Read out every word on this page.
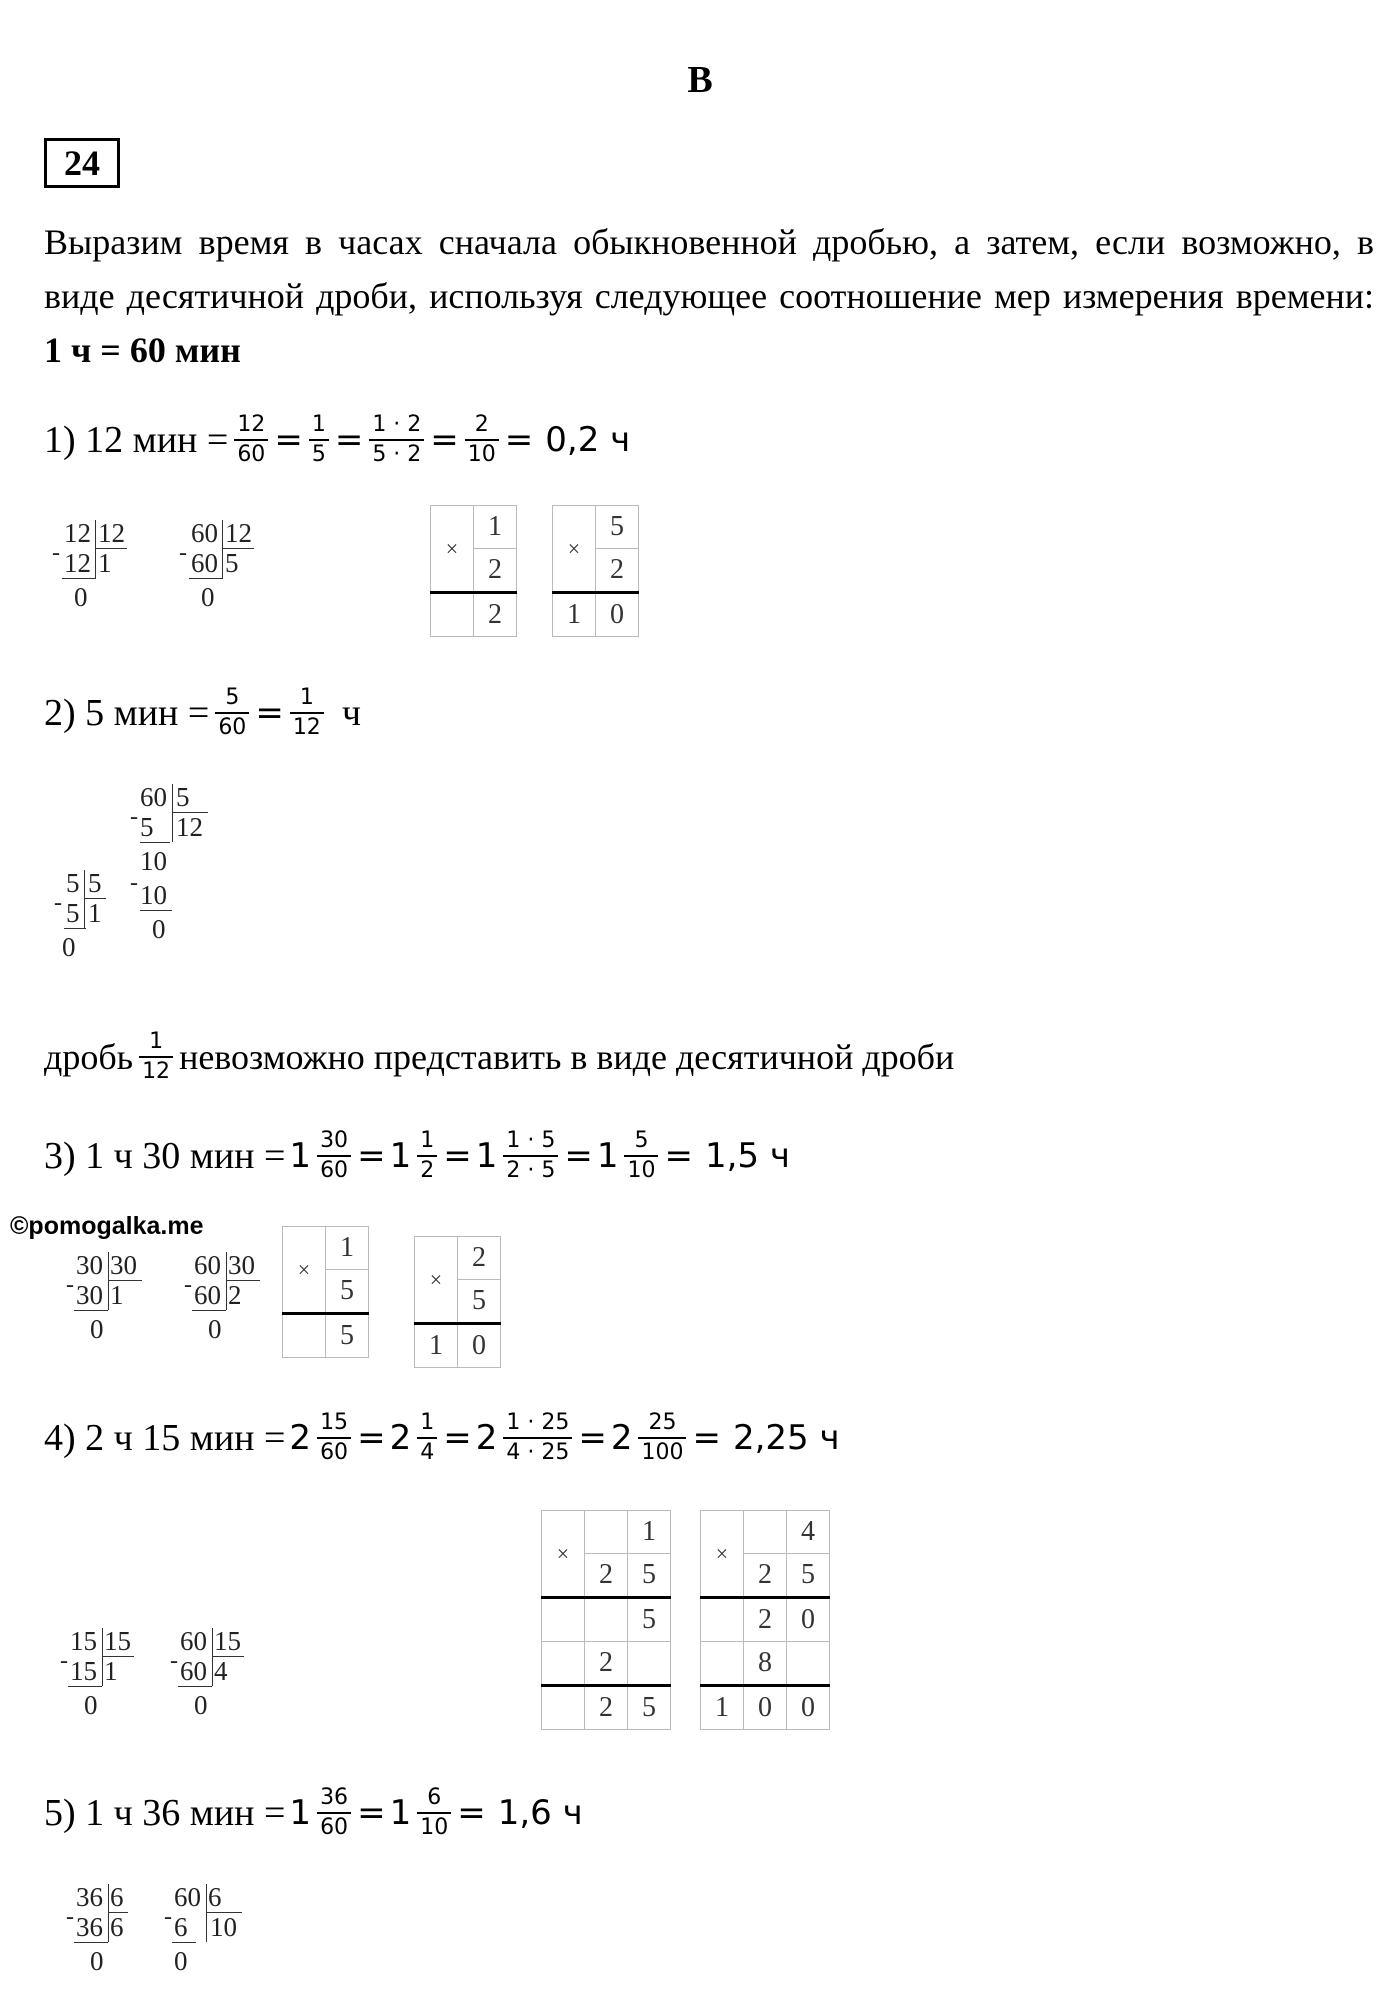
В
24
Выразим время в часах сначала обыкновенной дробью, а затем, если возможно, в виде десятичной дроби, используя следующее соотношение мер измерения времени: 1 ч = 60 мин
1) 12 мин = $\frac{12}{60} = \frac{1}{5} = \frac{1 \cdot 2}{5 \cdot 2} = \frac{2}{10} = 0,2$ ч
12 12
- 12 1
0
60 12
- 60 5
0
×	1
	2
	2
×	5
	2
1	0
2) 5 мин = $\frac{5}{60} = \frac{1}{12}$ ч
5 5
- 5 1
0
60 5
- 5 12
10
- 10
0
дробь $\frac{1}{12}$ невозможно представить в виде десятичной дроби
3) 1 ч 30 мин = $1 \frac{30}{60} = 1 \frac{1}{2} = 1 \frac{1 \cdot 5}{2 \cdot 5} = 1 \frac{5}{10} = 1,5$ ч
©pomogalka.me
30 30
- 30 1
0
60 30
- 60 2
0
×	1
	5
	5
×	2
	5
1	0
4) 2 ч 15 мин = $2 \frac{15}{60} = 2 \frac{1}{4} = 2 \frac{1 \cdot 25}{4 \cdot 25} = 2 \frac{25}{100} = 2,25$ ч
×		1
	2	5
		5
	2	
	2	5
×		4
	2	5
	2	0
	8	
1	0	0
15 15
- 15 1
0
60 15
- 60 4
0
5) 1 ч 36 мин = $1 \frac{36}{60} = 1 \frac{6}{10} = 1,6$ ч
36 6
- 36 6
0
60 6
- 6 10
0
